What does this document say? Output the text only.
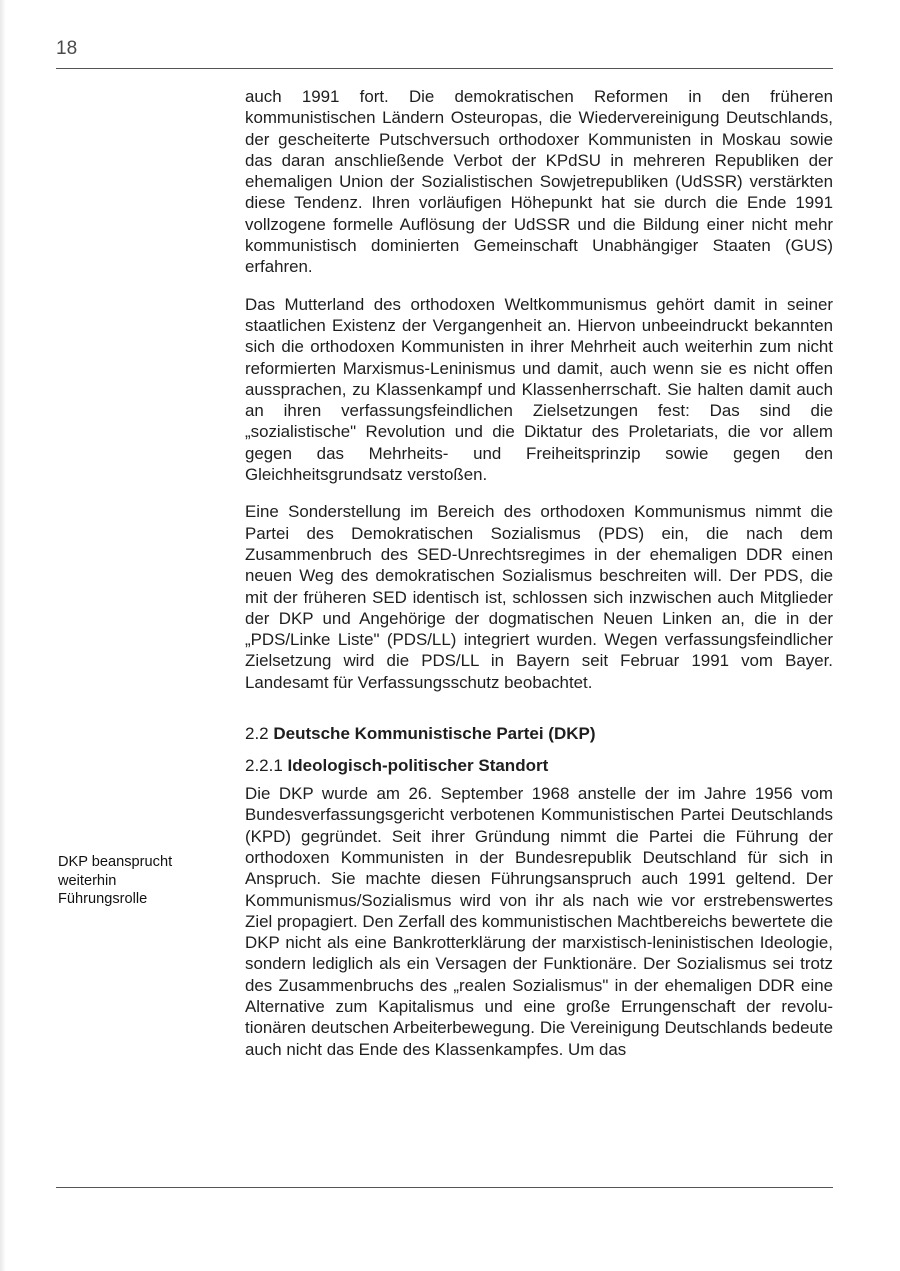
18

auch 1991 fort. Die demokratischen Reformen in den früheren kommunistischen Ländern Osteuropas, die Wiedervereinigung Deutschlands, der gescheiterte Putschversuch orthodoxer Kommunisten in Moskau sowie das daran anschließende Verbot der KPdSU in mehreren Republiken der ehemaligen Union der Sozialistischen Sowjetrepubliken (UdSSR) verstärkten diese Tendenz. Ihren vorläufigen Höhepunkt hat sie durch die Ende 1991 vollzogene formelle Auflösung der UdSSR und die Bildung einer nicht mehr kommunistisch dominierten Gemeinschaft Unabhängiger Staaten (GUS) erfahren.

Das Mutterland des orthodoxen Weltkommunismus gehört damit in seiner staatlichen Existenz der Vergangenheit an. Hiervon unbeeindruckt bekannten sich die orthodoxen Kommunisten in ihrer Mehrheit auch weiterhin zum nicht reformierten Marxismus-Leninismus und damit, auch wenn sie es nicht offen aussprachen, zu Klassenkampf und Klassenherrschaft. Sie halten damit auch an ihren verfassungsfeindlichen Zielsetzungen fest: Das sind die „sozialistische" Revolution und die Diktatur des Proletariats, die vor allem gegen das Mehrheits- und Freiheitsprinzip sowie gegen den Gleichheitsgrundsatz verstoßen.

Eine Sonderstellung im Bereich des orthodoxen Kommunismus nimmt die Partei des Demokratischen Sozialismus (PDS) ein, die nach dem Zusammenbruch des SED-Unrechtsregimes in der ehemaligen DDR einen neuen Weg des demokratischen Sozialismus beschreiten will. Der PDS, die mit der früheren SED identisch ist, schlossen sich inzwischen auch Mitglieder der DKP und Angehörige der dogmatischen Neuen Linken an, die in der „PDS/Linke Liste" (PDS/LL) integriert wurden. Wegen verfassungsfeindlicher Zielsetzung wird die PDS/LL in Bayern seit Februar 1991 vom Bayer. Landesamt für Verfassungsschutz beobachtet.

2.2 Deutsche Kommunistische Partei (DKP)
2.2.1 Ideologisch-politischer Standort

Die DKP wurde am 26. September 1968 anstelle der im Jahre 1956 vom Bundesverfassungsgericht verbotenen Kommunistischen Partei Deutschlands (KPD) gegründet. Seit ihrer Gründung nimmt die Partei die Führung der orthodoxen Kommunisten in der Bundesrepublik Deutschland für sich in Anspruch. Sie machte diesen Führungsanspruch auch 1991 geltend. Der Kommunismus/Sozialismus wird von ihr als nach wie vor erstrebenswertes Ziel propagiert. Den Zerfall des kommunistischen Machtbereichs bewertete die DKP nicht als eine Bankrotterklärung der marxistisch-leninistischen Ideologie, sondern lediglich als ein Versagen der Funktionäre. Der Sozialismus sei trotz des Zusammenbruchs des „realen Sozialismus" in der ehemaligen DDR eine Alternative zum Kapitalismus und eine große Errungenschaft der revolutionären deutschen Arbeiterbewegung. Die Vereinigung Deutschlands bedeute auch nicht das Ende des Klassenkampfes. Um das

DKP beansprucht
weiterhin
Führungsrolle
